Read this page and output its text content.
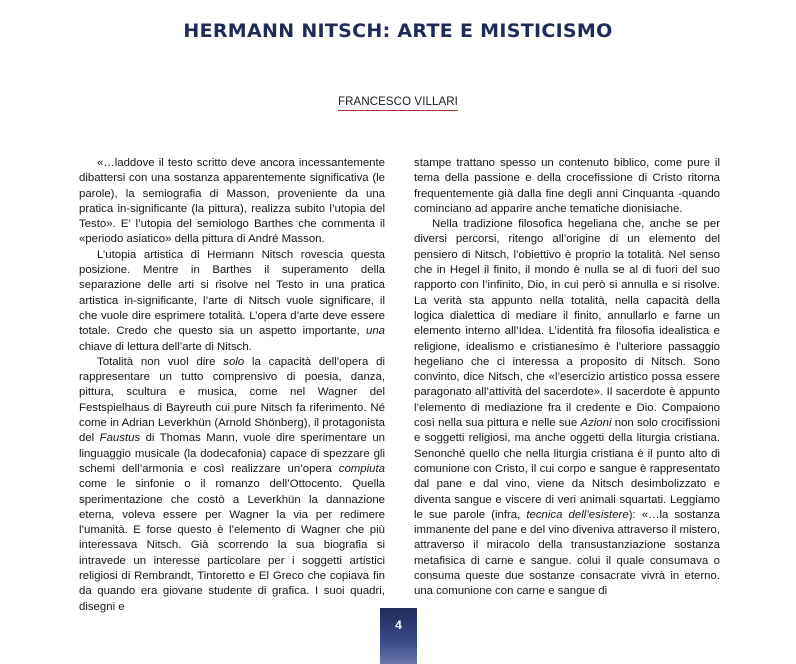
HERMANN NITSCH: ARTE E MISTICISMO
FRANCESCO VILLARI

«…laddove il testo scritto deve ancora incessantemente dibattersi con una sostanza apparentemente significativa (le parole), la semiografia di Masson, proveniente da una pratica in-significante (la pittura), realizza subito l’utopia del Testo». E’ l’utopia del semiologo Barthes che commenta il «periodo asiatico» della pittura di André Masson.

L’utopia artistica di Hermann Nitsch rovescia questa posizione. Mentre in Barthes il superamento della separazione delle arti si risolve nel Testo in una pratica artistica in-significante, l’arte di Nitsch vuole significare, il che vuole dire esprimere totalità. L’opera d’arte deve essere totale. Credo che questo sia un aspetto importante, una chiave di lettura dell’arte di Nitsch.

Totalità non vuol dire solo la capacità dell’opera di rappresentare un tutto comprensivo di poesia, danza, pittura, scultura e musica, come nel Wagner del Festspielhaus di Bayreuth cui pure Nitsch fa riferimento. Né come in Adrian Leverkhün (Arnold Shönberg), il protagonista del Faustus di Thomas Mann, vuole dire sperimentare un linguaggio musicale (la dodecafonia) capace di spezzare gli schemi dell’armonia e così realizzare un’opera compiuta come le sinfonie o il romanzo dell’Ottocento. Quella sperimentazione che costò a Leverkhün la dannazione eterna, voleva essere per Wagner la via per redimere l’umanità. E forse questo è l’elemento di Wagner che più interessava Nitsch. Già scorrendo la sua biografia si intravede un interesse particolare per i soggetti artistici religiosi di Rembrandt, Tintoretto e El Greco che copiava fin da quando era giovane studente di grafica. I suoi quadri, disegni e

stampe trattano spesso un contenuto biblico, come pure il tema della passione e della crocefissione di Cristo ritorna frequentemente già dalla fine degli anni Cinquanta -quando cominciano ad apparire anche tematiche dionisiache.

Nella tradizione filosofica hegeliana che, anche se per diversi percorsi, ritengo all’origine di un elemento del pensiero di Nitsch, l’obiettivo è proprio la totalità. Nel senso che in Hegel il finito, il mondo è nulla se al di fuori del suo rapporto con l’infinito, Dio, in cui però si annulla e si risolve. La verità sta appunto nella totalità, nella capacità della logica dialettica di mediare il finito, annullarlo e farne un elemento interno all’Idea. L’identità fra filosofia idealistica e religione, idealismo e cristianesimo è l’ulteriore passaggio hegeliano che ci interessa a proposito di Nitsch. Sono convinto, dice Nitsch, che «l’esercizio artistico possa essere paragonato all’attività del sacerdote». Il sacerdote è appunto l’elemento di mediazione fra il credente e Dio. Compaiono così nella sua pittura e nelle sue Azioni non solo crocifissioni e soggetti religiosi, ma anche oggetti della liturgia cristiana. Senonché quello che nella liturgia cristiana è il punto alto di comunione con Cristo, il cui corpo e sangue è rappresentato dal pane e dal vino, viene da Nitsch desimbolizzato e diventa sangue e viscere di veri animali squartati. Leggiamo le sue parole (infra, tecnica dell’esistere): «…la sostanza immanente del pane e del vino diveniva attraverso il mistero, attraverso il miracolo della transustanziazione sostanza metafisica di carne e sangue. colui il quale consumava o consuma queste due sostanze consacrate vivrà in eterno. una comunione con carne e sangue di

4
